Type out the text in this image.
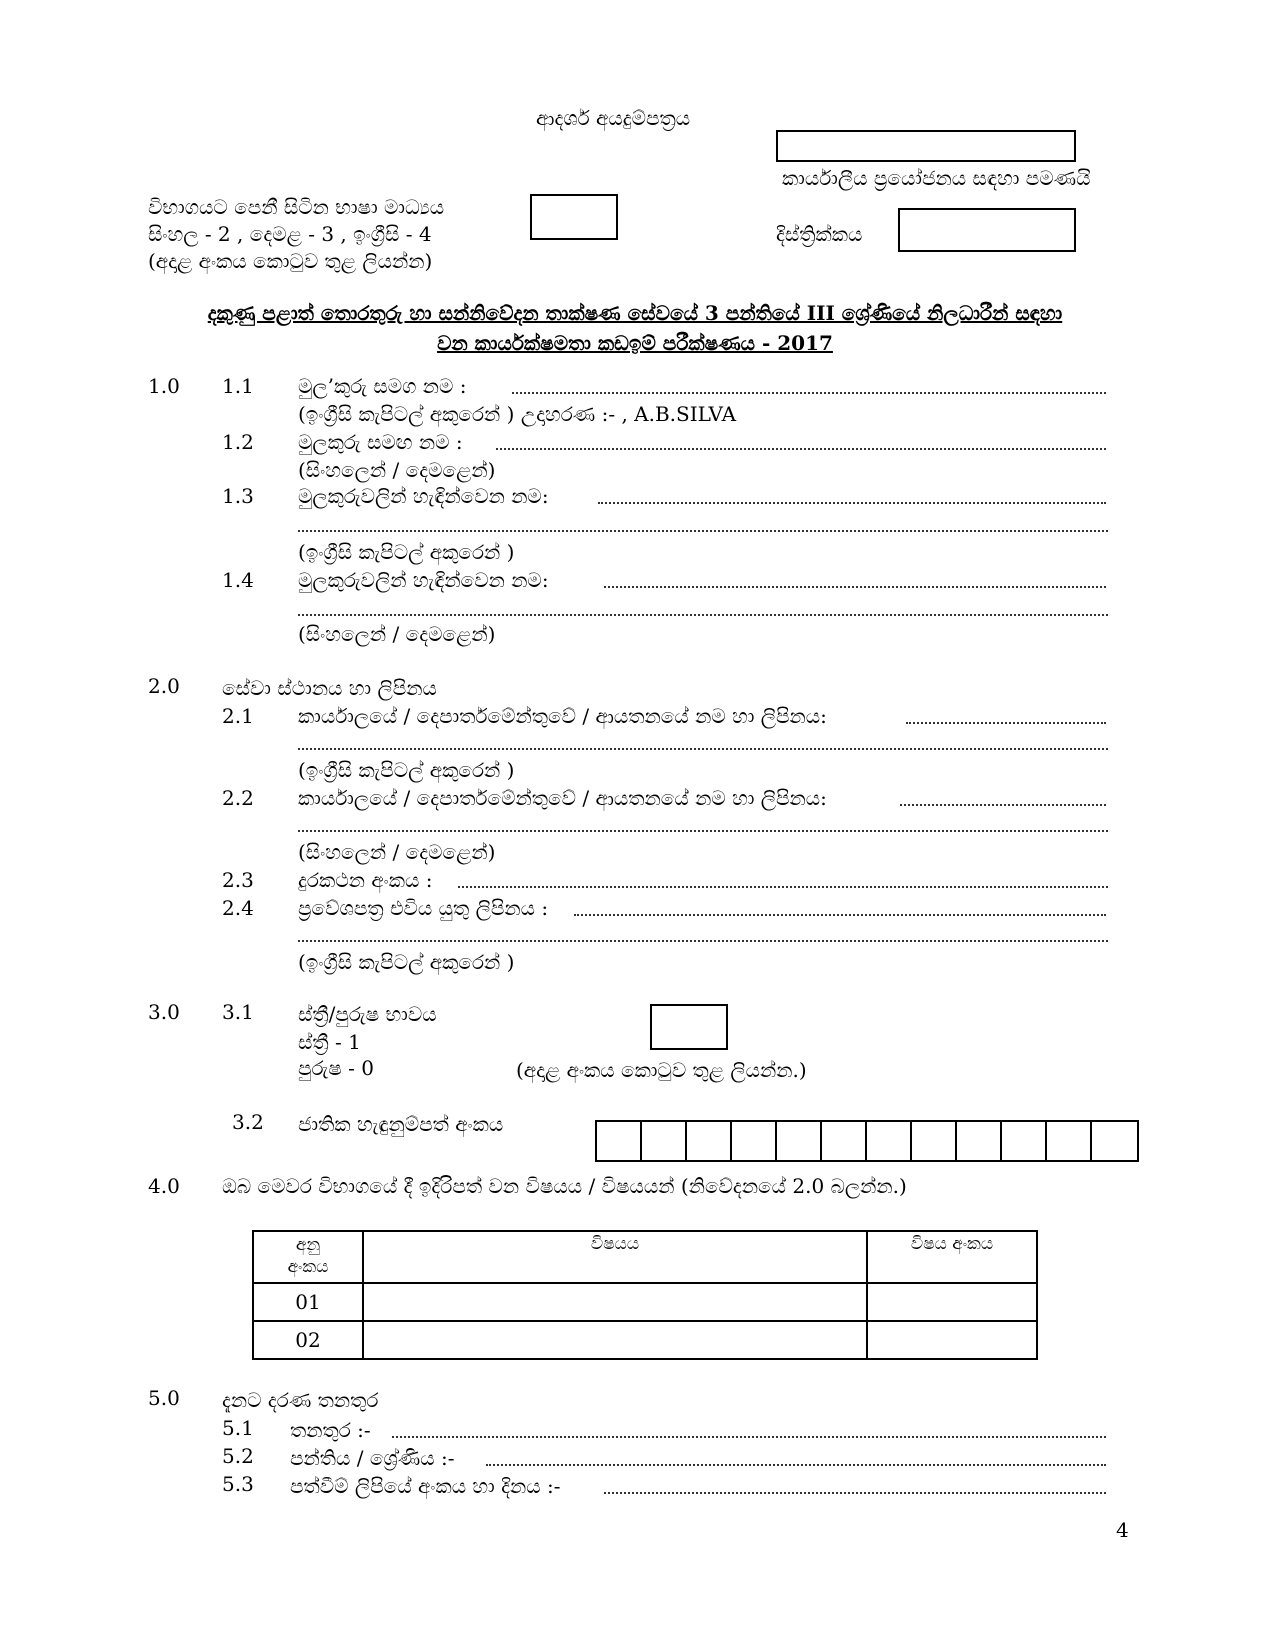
ආදර්ශ අයදුම්පත්‍රය
කාර්යාලීය ප්‍රයෝජනය සඳහා පමණයි
විභාගයට පෙනී සිටින භාෂා මාධ්‍යය
සිංහල - 2 , දෙමළ - 3 , ඉංග්‍රීසි - 4
(අදාළ අංකය කොටුව තුළ ලියන්න)
දිස්ත්‍රික්කය
දකුණු පළාත් තොරතුරු හා සන්නිවේදන තාක්ෂණ සේවයේ 3 පන්තියේ III ශ්‍රේණියේ නිලධාරීන් සඳහා
වන කාර්යක්ෂමතා කඩඉම් පරීක්ෂණය - 2017
1.0 1.1 මුල’කුරු සමග නම :
(ඉංග්‍රීසි කැපිටල් අකුරෙන් ) උදාහරණ :- , A.B.SILVA
1.2 මුලකුරු සමඟ නම :
(සිංහලෙන් / දෙමළෙන්)
1.3 මුලකුරුවලින් හැඳින්වෙන නම:
(ඉංග්‍රීසි කැපිටල් අකුරෙන් )
1.4 මුලකුරුවලින් හැඳින්වෙන නම:
(සිංහලෙන් / දෙමළෙන්)
2.0 සේවා ස්ථානය හා ලිපිනය
2.1 කාර්යාලයේ / දෙපාර්තමේන්තුවේ / ආයතනයේ නම හා ලිපිනය:
(ඉංග්‍රීසි කැපිටල් අකුරෙන් )
2.2 කාර්යාලයේ / දෙපාර්තමේන්තුවේ / ආයතනයේ නම හා ලිපිනය:
(සිංහලෙන් / දෙමළෙන්)
2.3 දුරකථන අංකය :
2.4 ප්‍රවේශපත්‍ර එවිය යුතු ලිපිනය :
(ඉංග්‍රීසි කැපිටල් අකුරෙන් )
3.0 3.1 ස්ත්‍රී/පුරුෂ භාවය
ස්ත්‍රී - 1
පුරුෂ - 0	(අදාළ අංකය කොටුව තුළ ලියන්න.)
3.2 ජාතික හැඳුනුම්පත් අංකය
4.0 ඔබ මෙවර විභාගයේ දී ඉදිරිපත් වන විෂයය / විෂයයන් (නිවේදනයේ 2.0 බලන්න.)
අනු අංකය	විෂයය	විෂය අංකය
01		
02		
5.0 දැනට දරණ තනතුර
5.1 තනතුර :-
5.2 පන්තිය / ශ්‍රේණිය :-
5.3 පත්වීම් ලිපියේ අංකය හා දිනය :-
4
